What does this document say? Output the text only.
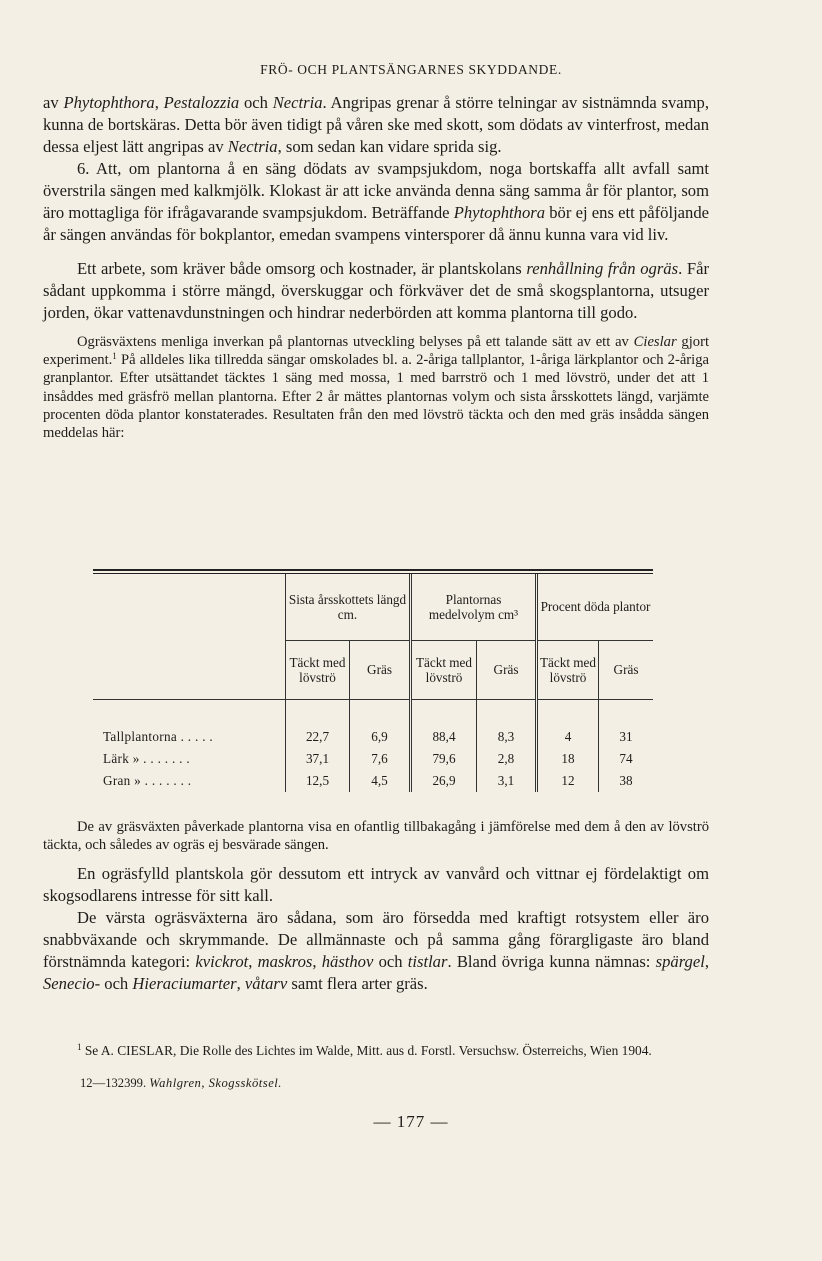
FRÖ- OCH PLANTSÄNGARNES SKYDDANDE.

av Phytophthora, Pestalozzia och Nectria. Angripas grenar å större telningar av sistnämnda svamp, kunna de bortskäras. Detta bör även tidigt på våren ske med skott, som dödats av vinterfrost, medan dessa eljest lätt angripas av Nectria, som sedan kan vidare sprida sig.

6. Att, om plantorna å en säng dödats av svampsjukdom, noga bortskaffa allt avfall samt överstrila sängen med kalkmjölk. Klokast är att icke använda denna säng samma år för plantor, som äro mottagliga för ifrågavarande svampsjukdom. Beträffande Phytophthora bör ej ens ett påföljande år sängen användas för bokplantor, emedan svampens vintersporer då ännu kunna vara vid liv.

Ett arbete, som kräver både omsorg och kostnader, är plantskolans renhållning från ogräs. Får sådant uppkomma i större mängd, överskuggar och förkväver det de små skogsplantorna, utsuger jorden, ökar vattenavdunstningen och hindrar nederbörden att komma plantorna till godo.

Ogräsväxtens menliga inverkan på plantornas utveckling belyses på ett talande sätt av ett av Cieslar gjort experiment.$^1$ På alldeles lika tillredda sängar omskolades bl. a. 2-åriga tallplantor, 1-åriga lärkplantor och 2-åriga granplantor. Efter utsättandet täcktes 1 säng med mossa, 1 med barrströ och 1 med lövströ, under det att 1 insåddes med gräsfrö mellan plantorna. Efter 2 år mättes plantornas volym och sista årsskottets längd, varjämte procenten döda plantor konstaterades. Resultaten från den med lövströ täckta och den med gräs insådda sängen meddelas här:

	Sista årsskottets längd cm.		Plantornas medelvolym cm³		Procent döda plantor	
	Täckt med lövströ	Gräs	Täckt med lövströ	Gräs	Täckt med lövströ	Gräs

Tallplantorna . . . . .	22,7	6,9	88,4	8,3	4	31
Lärk » . . . . . . .	37,1	7,6	79,6	2,8	18	74
Gran » . . . . . . .	12,5	4,5	26,9	3,1	12	38

De av gräsväxten påverkade plantorna visa en ofantlig tillbakagång i jämförelse med dem å den av lövströ täckta, och således av ogräs ej besvärade sängen.

En ogräsfylld plantskola gör dessutom ett intryck av vanvård och vittnar ej fördelaktigt om skogsodlarens intresse för sitt kall.

De värsta ogräsväxterna äro sådana, som äro försedda med kraftigt rotsystem eller äro snabbväxande och skrymmande. De allmännaste och på samma gång förargligaste äro bland förstnämnda kategori: kvickrot, maskros, hästhov och tistlar. Bland övriga kunna nämnas: spärgel, Senecio- och Hieraciumarter, våtarv samt flera arter gräs.

$^1$ Se A. CIESLAR, Die Rolle des Lichtes im Walde, Mitt. aus d. Forstl. Versuchsw. Österreichs, Wien 1904.

12—132399. Wahlgren, Skogsskötsel.
— 177 —
